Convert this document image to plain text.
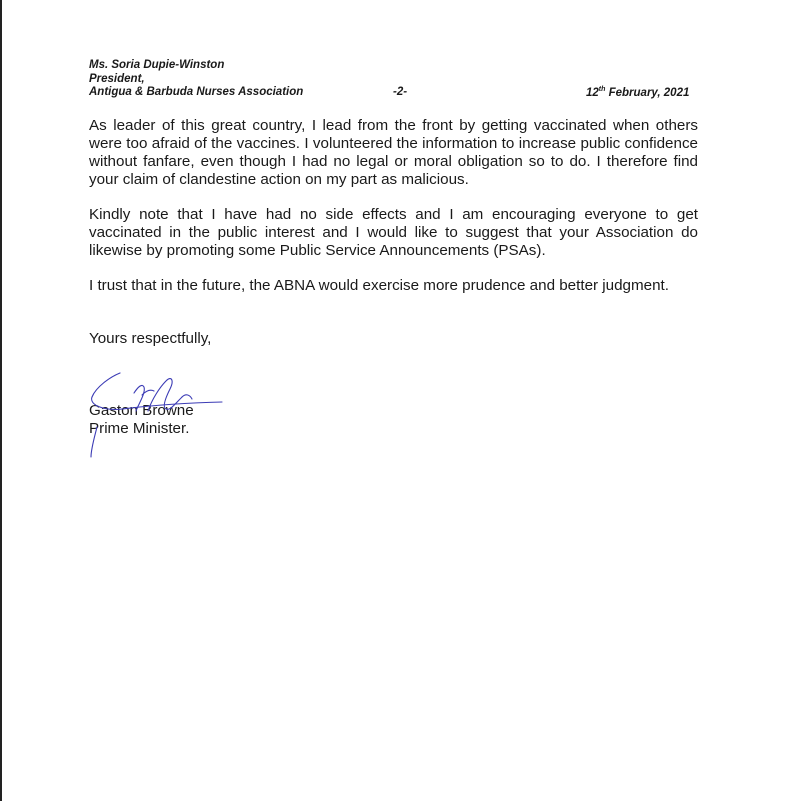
Ms. Soria Dupie-Winston
President,
Antigua & Barbuda Nurses Association	-2-	12th February, 2021
As leader of this great country, I lead from the front by getting vaccinated when others were too afraid of the vaccines. I volunteered the information to increase public confidence without fanfare, even though I had no legal or moral obligation so to do. I therefore find your claim of clandestine action on my part as malicious.
Kindly note that I have had no side effects and I am encouraging everyone to get vaccinated in the public interest and I would like to suggest that your Association do likewise by promoting some Public Service Announcements (PSAs).
I trust that in the future, the ABNA would exercise more prudence and better judgment.
Yours respectfully,
Gaston Browne
Prime Minister.
